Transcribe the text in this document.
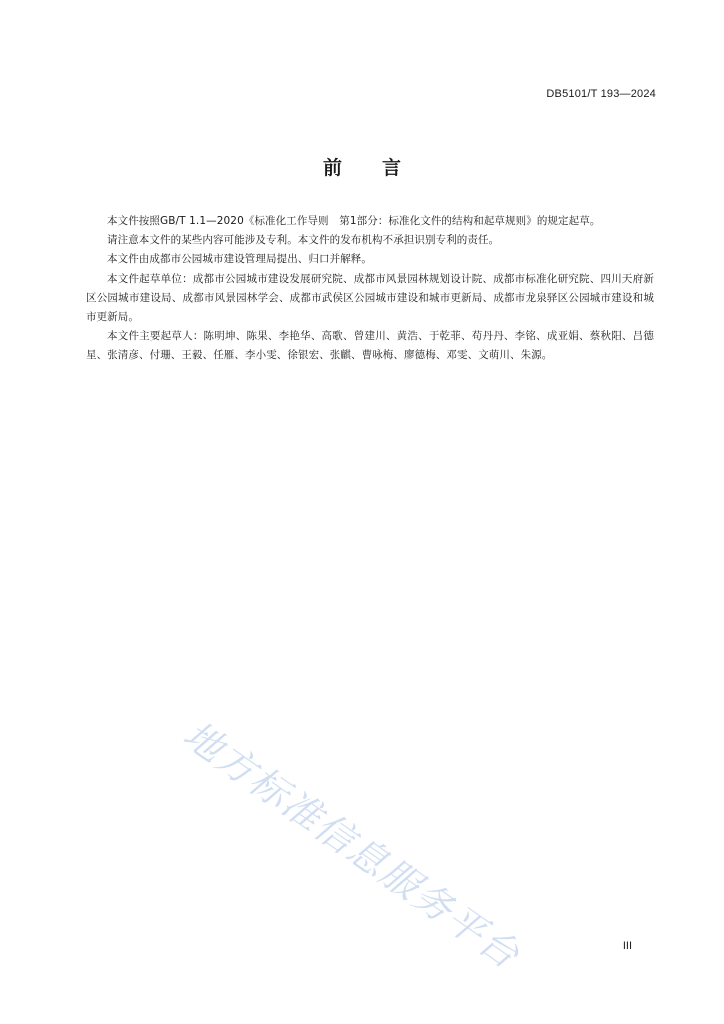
DB5101/T 193—2024
前 言

本文件按照GB/T 1.1—2020《标准化工作导则　第1部分：标准化文件的结构和起草规则》的规定起草。

请注意本文件的某些内容可能涉及专利。本文件的发布机构不承担识别专利的责任。

本文件由成都市公园城市建设管理局提出、归口并解释。

本文件起草单位：成都市公园城市建设发展研究院、成都市风景园林规划设计院、成都市标准化研究院、四川天府新区公园城市建设局、成都市风景园林学会、成都市武侯区公园城市建设和城市更新局、成都市龙泉驿区公园城市建设和城市更新局。

本文件主要起草人：陈明坤、陈果、李艳华、高歌、曾建川、黄浩、于乾菲、苟丹丹、李铭、成亚娟、蔡秋阳、吕德星、张清彦、付珊、王毅、任雁、李小雯、徐银宏、张麒、曹咏梅、廖德梅、邓雯、文萌川、朱源。

地方标准信息服务平台	III
